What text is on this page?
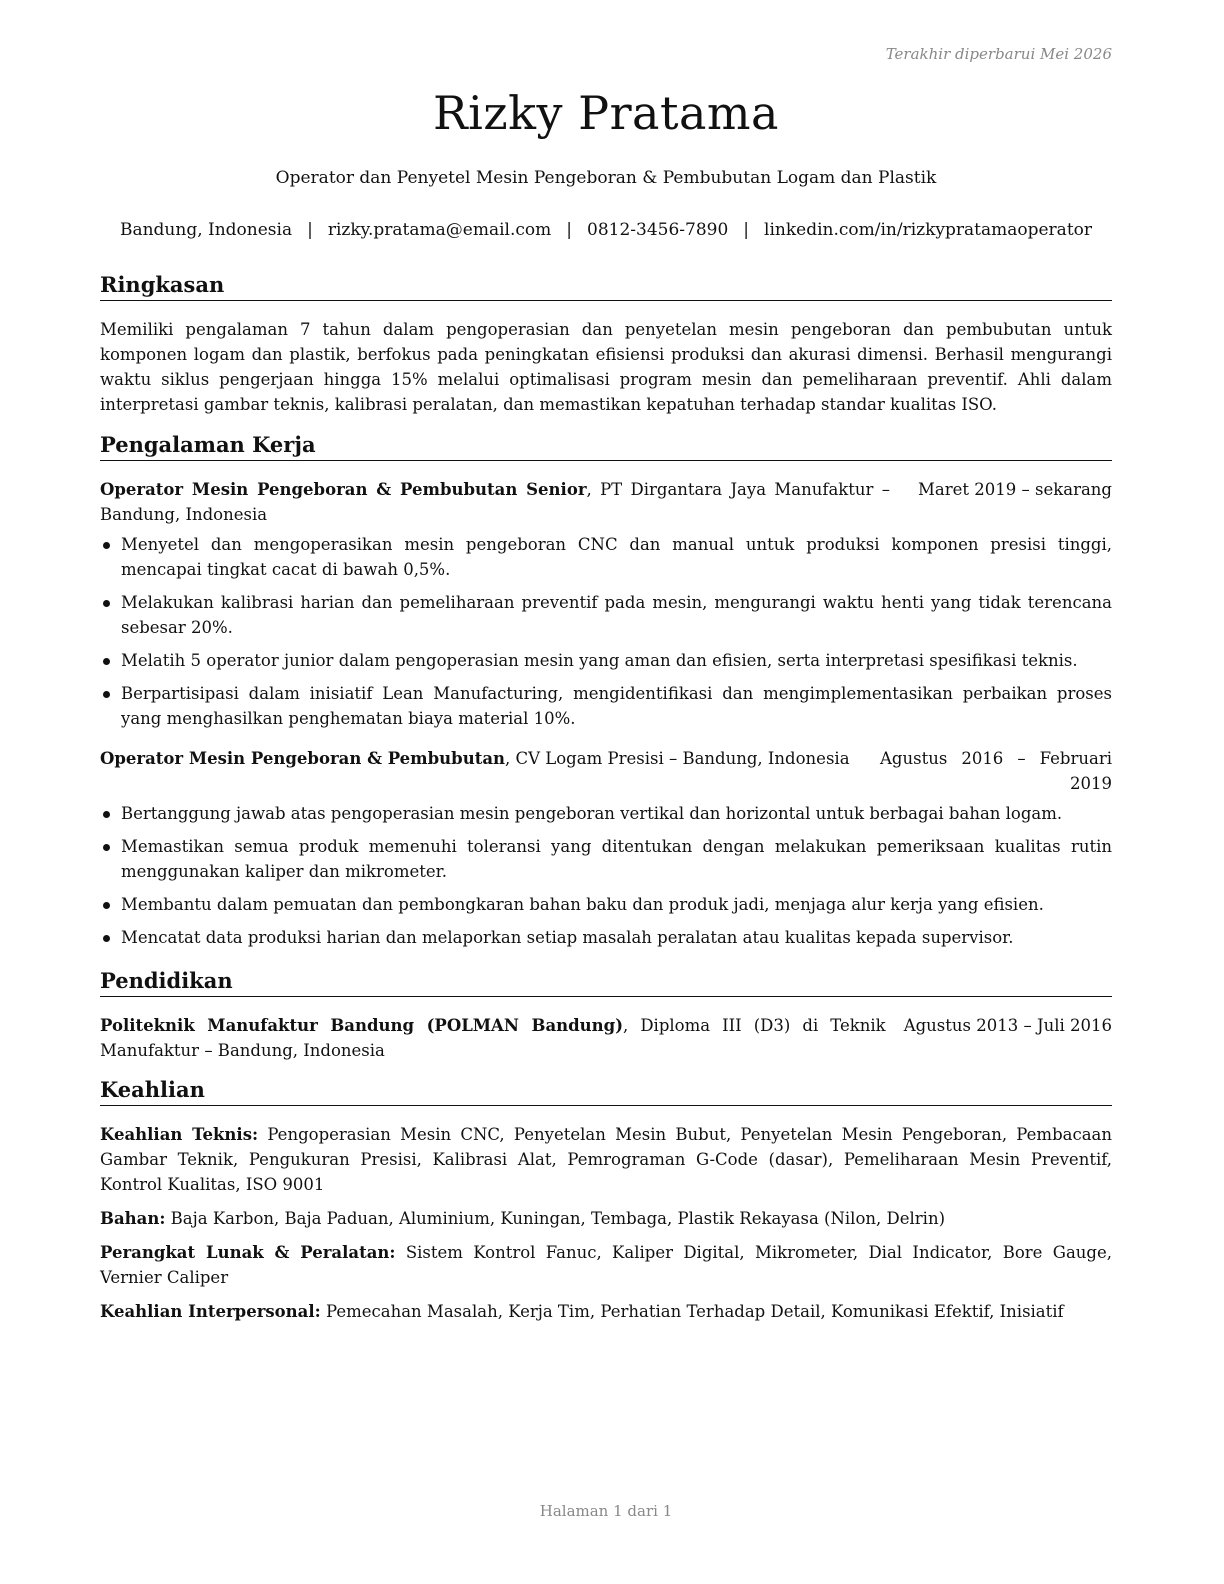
Terakhir diperbarui Mei 2026
Rizky Pratama
Operator dan Penyetel Mesin Pengeboran & Pembubutan Logam dan Plastik
Bandung, Indonesia | rizky.pratama@email.com | 0812-3456-7890 | linkedin.com/in/rizkypratamaoperator
Ringkasan

Memiliki pengalaman 7 tahun dalam pengoperasian dan penyetelan mesin pengeboran dan pembubutan untuk komponen logam dan plastik, berfokus pada peningkatan efisiensi produksi dan akurasi dimensi. Berhasil mengurangi waktu siklus pengerjaan hingga 15% melalui optimalisasi program mesin dan pemeliharaan preventif. Ahli dalam interpretasi gambar teknis, kalibrasi peralatan, dan memastikan kepatuhan terhadap standar kualitas ISO.

Pengalaman Kerja
Operator Mesin Pengeboran & Pembubutan Senior, PT Dirgantara Jaya Manufaktur – Bandung, Indonesia
Maret 2019 – sekarang
Menyetel dan mengoperasikan mesin pengeboran CNC dan manual untuk produksi komponen presisi tinggi, mencapai tingkat cacat di bawah 0,5%.
Melakukan kalibrasi harian dan pemeliharaan preventif pada mesin, mengurangi waktu henti yang tidak terencana sebesar 20%.
Melatih 5 operator junior dalam pengoperasian mesin yang aman dan efisien, serta interpretasi spesifikasi teknis.
Berpartisipasi dalam inisiatif Lean Manufacturing, mengidentifikasi dan mengimplementasikan perbaikan proses yang menghasilkan penghematan biaya material 10%.
Operator Mesin Pengeboran & Pembubutan, CV Logam Presisi – Bandung, Indonesia Agustus 2016 – Februari 2019
Bertanggung jawab atas pengoperasian mesin pengeboran vertikal dan horizontal untuk berbagai bahan logam.
Memastikan semua produk memenuhi toleransi yang ditentukan dengan melakukan pemeriksaan kualitas rutin menggunakan kaliper dan mikrometer.
Membantu dalam pemuatan dan pembongkaran bahan baku dan produk jadi, menjaga alur kerja yang efisien.
Mencatat data produksi harian dan melaporkan setiap masalah peralatan atau kualitas kepada supervisor.
Pendidikan
Politeknik Manufaktur Bandung (POLMAN Bandung), Diploma III (D3) di Teknik Manufaktur – Bandung, Indonesia
Agustus 2013 – Juli 2016
Keahlian

Keahlian Teknis: Pengoperasian Mesin CNC, Penyetelan Mesin Bubut, Penyetelan Mesin Pengeboran, Pembacaan Gambar Teknik, Pengukuran Presisi, Kalibrasi Alat, Pemrograman G-Code (dasar), Pemeliharaan Mesin Preventif, Kontrol Kualitas, ISO 9001

Bahan: Baja Karbon, Baja Paduan, Aluminium, Kuningan, Tembaga, Plastik Rekayasa (Nilon, Delrin)

Perangkat Lunak & Peralatan: Sistem Kontrol Fanuc, Kaliper Digital, Mikrometer, Dial Indicator, Bore Gauge, Vernier Caliper

Keahlian Interpersonal: Pemecahan Masalah, Kerja Tim, Perhatian Terhadap Detail, Komunikasi Efektif, Inisiatif

Halaman 1 dari 1
